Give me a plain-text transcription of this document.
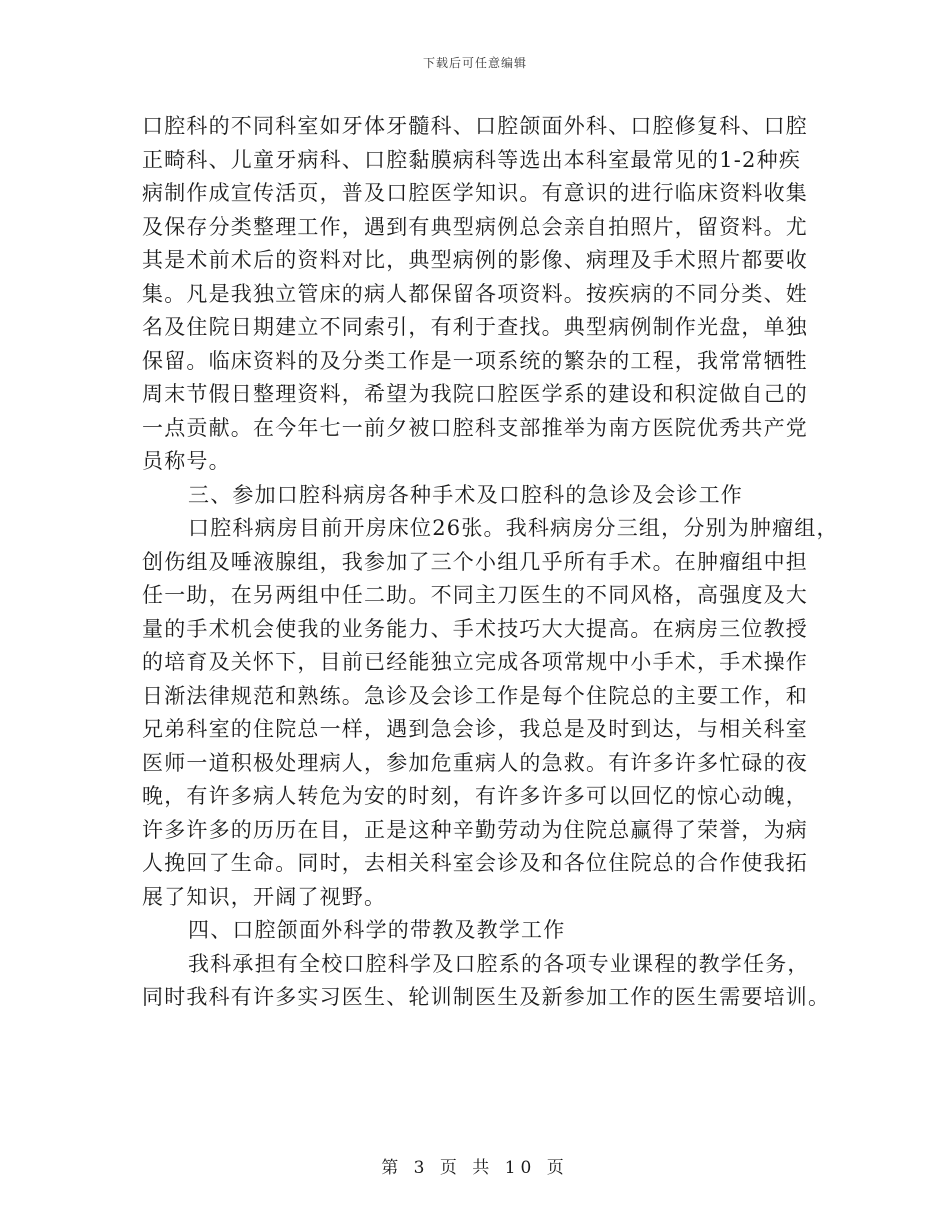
下载后可任意编辑
口腔科的不同科室如牙体牙髓科、口腔颌面外科、口腔修复科、口腔
正畸科、儿童牙病科、口腔黏膜病科等选出本科室最常见的1-2种疾
病制作成宣传活页，普及口腔医学知识。有意识的进行临床资料收集
及保存分类整理工作，遇到有典型病例总会亲自拍照片，留资料。尤
其是术前术后的资料对比，典型病例的影像、病理及手术照片都要收
集。凡是我独立管床的病人都保留各项资料。按疾病的不同分类、姓
名及住院日期建立不同索引，有利于查找。典型病例制作光盘，单独
保留。临床资料的及分类工作是一项系统的繁杂的工程，我常常牺牲
周末节假日整理资料，希望为我院口腔医学系的建设和积淀做自己的
一点贡献。在今年七一前夕被口腔科支部推举为南方医院优秀共产党
员称号。
三、参加口腔科病房各种手术及口腔科的急诊及会诊工作
口腔科病房目前开房床位26张。我科病房分三组，分别为肿瘤组，
创伤组及唾液腺组，我参加了三个小组几乎所有手术。在肿瘤组中担
任一助，在另两组中任二助。不同主刀医生的不同风格，高强度及大
量的手术机会使我的业务能力、手术技巧大大提高。在病房三位教授
的培育及关怀下，目前已经能独立完成各项常规中小手术，手术操作
日渐法律规范和熟练。急诊及会诊工作是每个住院总的主要工作，和
兄弟科室的住院总一样，遇到急会诊，我总是及时到达，与相关科室
医师一道积极处理病人，参加危重病人的急救。有许多许多忙碌的夜
晚，有许多病人转危为安的时刻，有许多许多可以回忆的惊心动魄，
许多许多的历历在目，正是这种辛勤劳动为住院总赢得了荣誉，为病
人挽回了生命。同时，去相关科室会诊及和各位住院总的合作使我拓
展了知识，开阔了视野。
四、口腔颌面外科学的带教及教学工作
我科承担有全校口腔科学及口腔系的各项专业课程的教学任务，
同时我科有许多实习医生、轮训制医生及新参加工作的医生需要培训。
第 3 页 共 10 页
